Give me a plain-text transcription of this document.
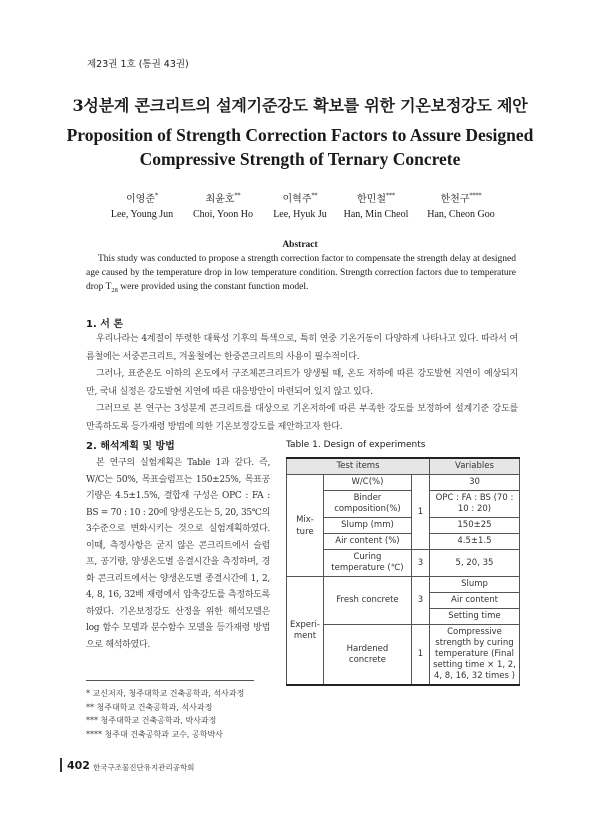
제23권 1호 (통권 43권)
3성분계 콘크리트의 설계기준강도 확보를 위한 기온보정강도 제안
Proposition of Strength Correction Factors to Assure Designed
Compressive Strength of Ternary Concrete
이영준*
Lee, Young Jun
최윤호**
Choi, Yoon Ho
이혁주**
Lee, Hyuk Ju
한민철***
Han, Min Cheol
한천구****
Han, Cheon Goo
Abstract
This study was conducted to propose a strength correction factor to compensate the strength delay at designed age caused by the temperature drop in low temperature condition. Strength correction factors due to temperature drop $T_{28}$ were provided using the constant function model.
1. 서 론

우리나라는 4계절이 뚜렷한 대륙성 기후의 특색으로, 특히 연중 기온거동이 다양하게 나타나고 있다. 따라서 여름철에는 서중콘크리트, 겨울철에는 한중콘크리트의 사용이 필수적이다.

그러나, 표준온도 이하의 온도에서 구조체콘크리트가 양생될 때, 온도 저하에 따른 강도발현 지연이 예상되지만, 국내 실정은 강도발현 지연에 따른 대응방안이 마련되어 있지 않고 있다.

그러므로 본 연구는 3성분계 콘크리트를 대상으로 기온저하에 따른 부족한 강도를 보정하여 설계기준 강도를 만족하도록 등가재령 방법에 의한 기온보정강도를 제안하고자 한다.

2. 해석계획 및 방법
본 연구의 실험계획은 Table 1과 같다. 즉, W/C는 50%, 목표슬럼프는 150±25%, 목표공기량은 4.5±1.5%, 결합재 구성은 OPC : FA : BS = 70 : 10 : 20에 양생온도는 5, 20, 35℃의 3수준으로 변화시키는 것으로 실험계획하였다. 이때, 측정사항은 굳지 않은 콘크리트에서 슬럼프, 공기량, 양생온도별 응결시간을 측정하며, 경화 콘크리트에서는 양생온도별 종결시간에 1, 2, 4, 8, 16, 32배 재령에서 압축강도를 측정하도록 하였다. 기온보정강도 산정을 위한 해석모델은 log 함수 모델과 분수함수 모델을 등가재령 방법으로 해석하였다.
Table 1. Design of experiments
Test items			Variables
Mix-ture	W/C(%)	1	30
	Binder composition(%)		OPC : FA : BS (70 : 10 : 20)
	Slump (mm)		150±25
	Air content (%)		4.5±1.5
	Curing temperature (℃)	3	5, 20, 35
Experi-ment	Fresh concrete	3	Slump
			Air content
			Setting time
	Hardened concrete	1	Compressive strength by curing temperature (Final setting time × 1, 2, 4, 8, 16, 32 times )
* 교신저자, 청주대학교 건축공학과, 석사과정
** 청주대학교 건축공학과, 석사과정
*** 청주대학교 건축공학과, 박사과정
**** 청주대 건축공학과 교수, 공학박사
402 한국구조물진단유지관리공학회
